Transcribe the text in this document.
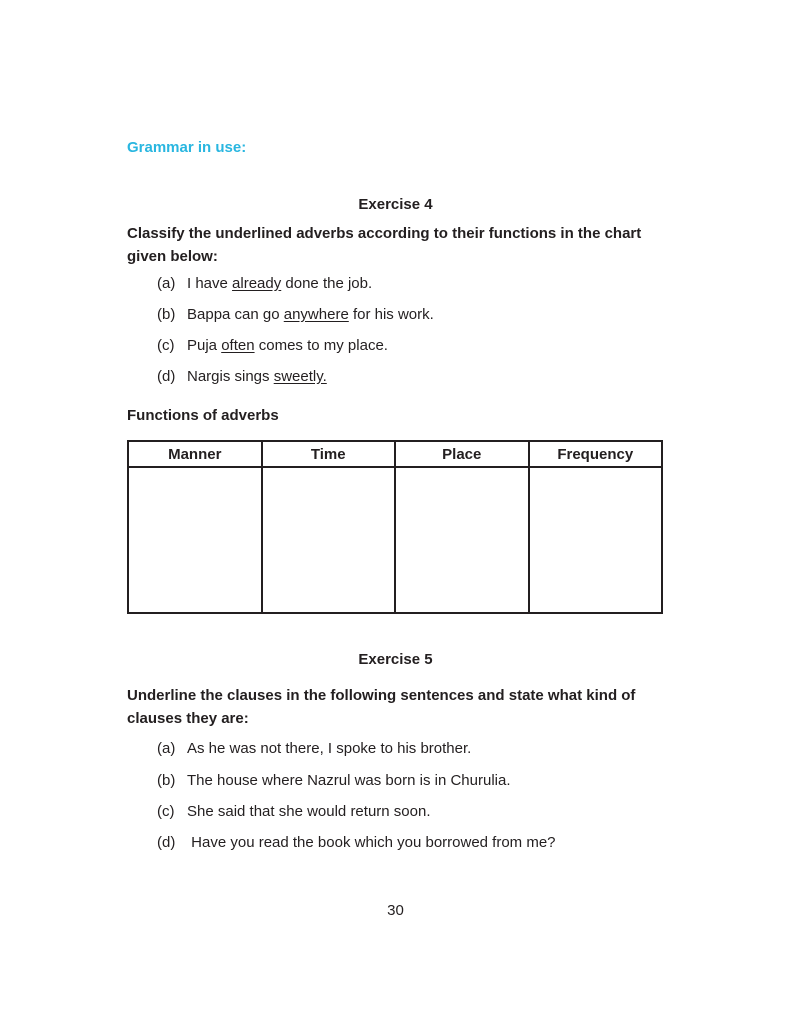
Grammar in use:
Exercise 4
Classify the underlined adverbs according to their functions in the chart given below:
(a) I have already done the job.
(b) Bappa can go anywhere for his work.
(c) Puja often comes to my place.
(d) Nargis sings sweetly.
Functions of adverbs
Manner	Time	Place	Frequency

Exercise 5
Underline the clauses in the following sentences and state what kind of clauses they are:
(a) As he was not there, I spoke to his brother.
(b) The house where Nazrul was born is in Churulia.
(c) She said that she would return soon.
(d) Have you read the book which you borrowed from me?
30
